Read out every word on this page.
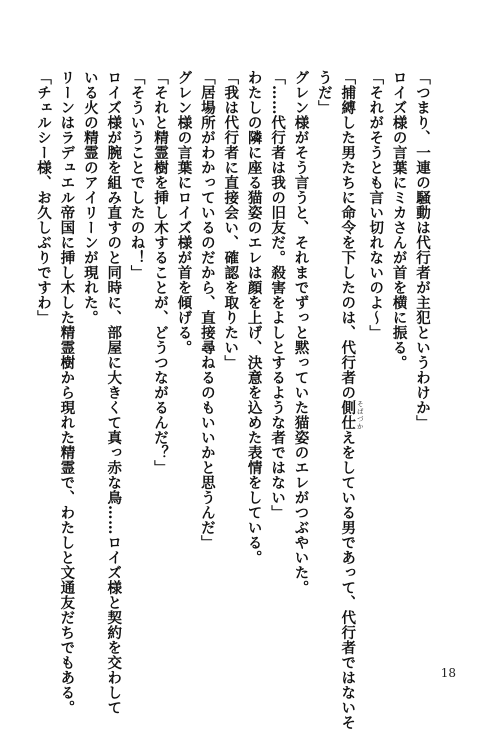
「つまり、一連の騒動は代行者が主犯というわけか」

ロイズ様の言葉にミカさんが首を横に振る。

「それがそうとも言い切れないのよ～」

「捕縛した男たちに命令を下したのは、代行者の側仕 そばづかえをしている男であって、代行者ではないそ

うだ」

グレン様がそう言うと、それまでずっと黙っていた猫姿のエレがつぶやいた。

「……代行者は我の旧友だ。殺害をよしとするような者ではない」

わたしの隣に座る猫姿のエレは顔を上げ、決意を込めた表情をしている。

「我は代行者に直接会い、確認を取りたい」

「居場所がわかっているのだから、直接尋ねるのもいいかと思うんだ」

グレン様の言葉にロイズ様が首を傾げる。

「それと精霊樹を挿し木することが、どうつながるんだ？」

「そういうことでしたのね！」

ロイズ様が腕を組み直すのと同時に、部屋に大きくて真っ赤な鳥……ロイズ様と契約を交わして

いる火の精霊のアイリーンが現れた。

リーンはラデュエル帝国に挿し木した精霊樹から現れた精霊で、わたしと文通友だちでもある。

「チェルシー様、お久しぶりですわ」

18
